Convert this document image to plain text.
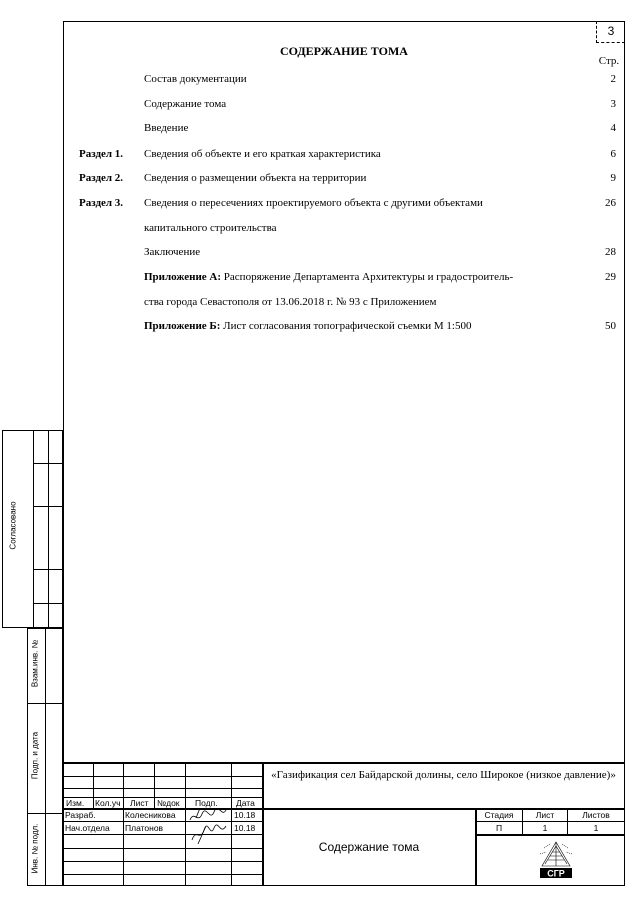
3
СОДЕРЖАНИЕ ТОМА
Стр.
Состав документации	2
Содержание тома	3
Введение	4
Раздел 1. Сведения об объекте и его краткая характеристика	6
Раздел 2. Сведения о размещении объекта на территории	9
Раздел 3. Сведения о пересечениях проектируемого объекта с другими объектами	26
капитального строительства
Заключение	28
Приложение А: Распоряжение Департамента Архитектуры и градостроитель-	29
ства города Севастополя от 13.06.2018 г. № 93 с Приложением
Приложение Б: Лист согласования топографической съемки М 1:500	50
Согласовано
Взам.инв. №
Подп. и дата
Инв. № подл.
«Газификация сел Байдарской долины, село Широкое (низкое давление)»
Изм. Кол.уч Лист №док Подп. Дата
Разраб.	Колесникова	10.18
Нач.отдела Платонов	10.18
Содержание тома
Стадия	Лист	Листов
П	1	1
СГР
